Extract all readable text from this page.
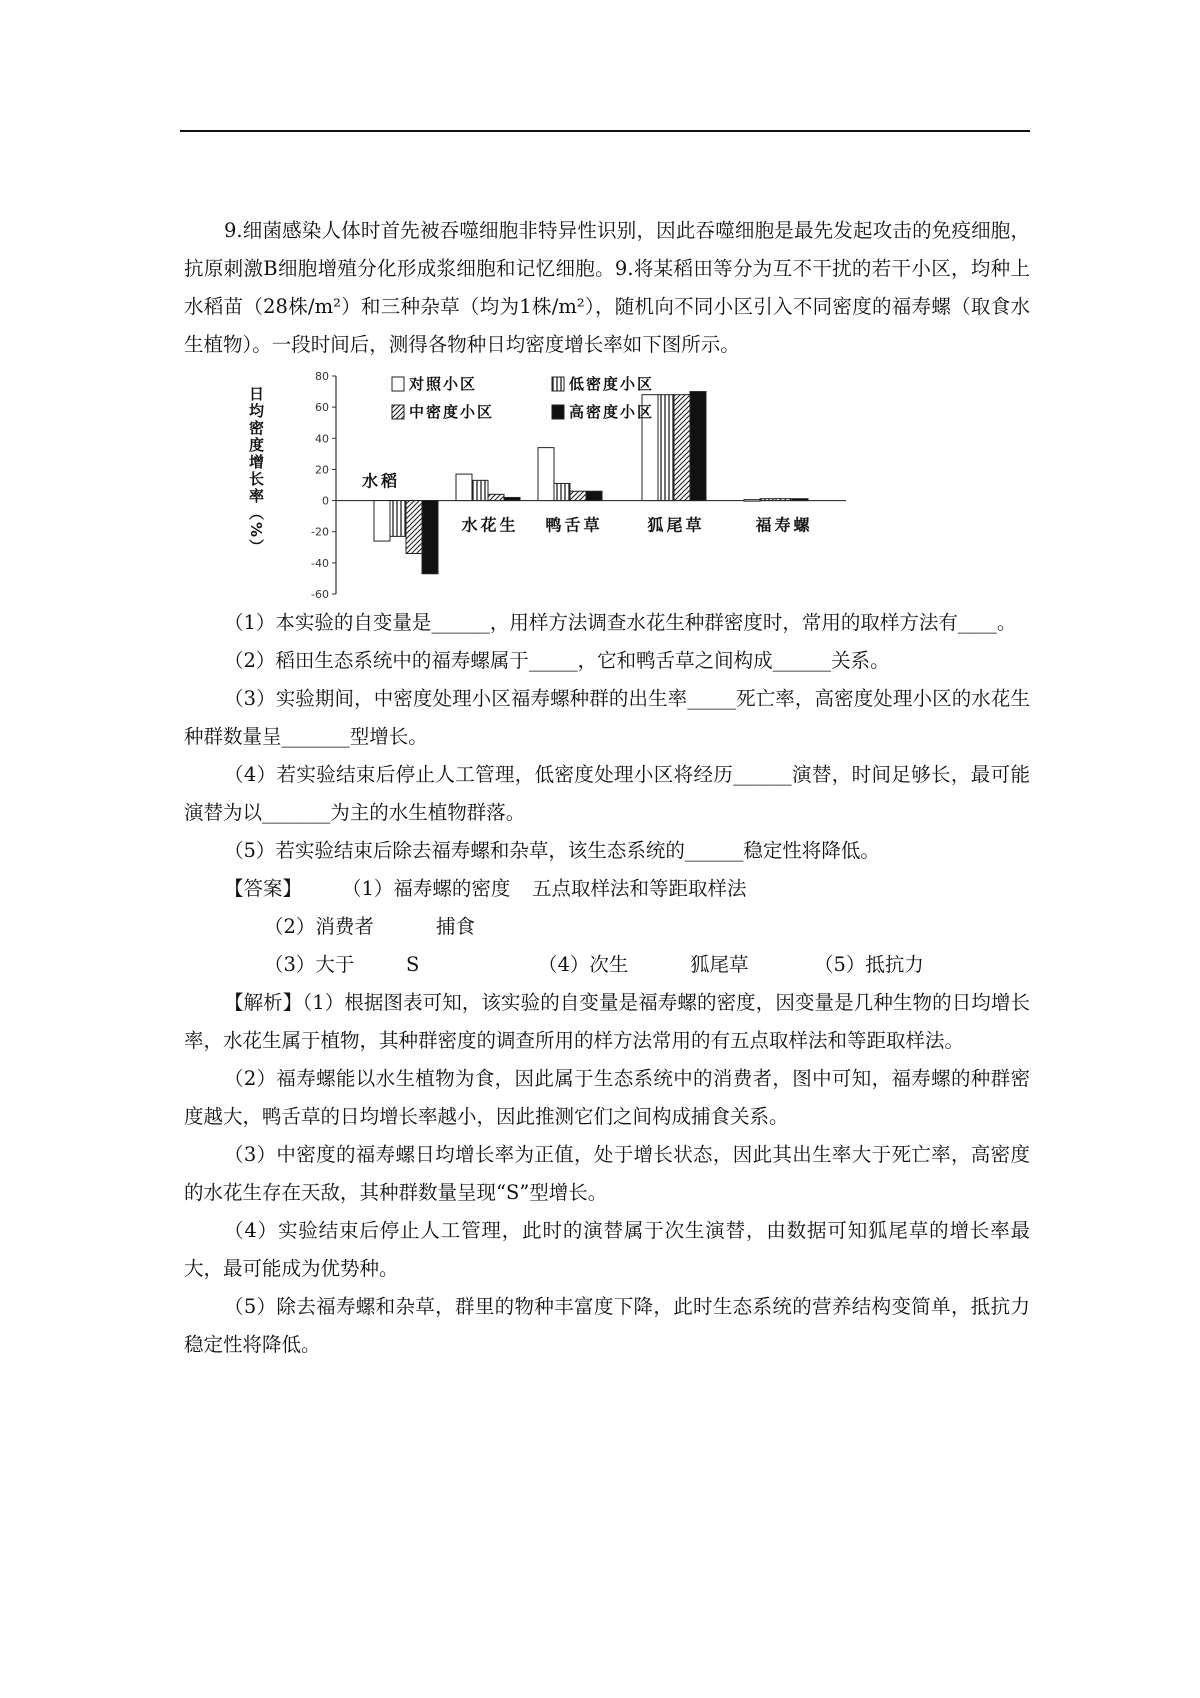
9.细菌感染人体时首先被吞噬细胞非特异性识别，因此吞噬细胞是最先发起攻击的免疫细胞，抗原刺激B细胞增殖分化形成浆细胞和记忆细胞。9.将某稻田等分为互不干扰的若干小区，均种上水稻苗（28株/m²）和三种杂草（均为1株/m²），随机向不同小区引入不同密度的福寿螺（取食水生植物）。一段时间后，测得各物种日均密度增长率如下图所示。

80
60
40
20
0
-20
-40
-60
日均密度增长率（%）	水稻
水花生 鸭舌草	狐尾草	福寿螺
对照小区	低密度小区
中密度小区	高密度小区

（1）本实验的自变量是______，用样方法调查水花生种群密度时，常用的取样方法有____。

（2）稻田生态系统中的福寿螺属于_____，它和鸭舌草之间构成______关系。

（3）实验期间，中密度处理小区福寿螺种群的出生率_____死亡率，高密度处理小区的水花生种群数量呈_______型增长。

（4）若实验结束后停止人工管理，低密度处理小区将经历______演替，时间足够长，最可能演替为以_______为主的水生植物群落。

（5）若实验结束后除去福寿螺和杂草，该生态系统的______稳定性将降低。

【答案】 （1）福寿螺的密度 五点取样法和等距取样法

（2）消费者	捕食

（3）大于	S	（4）次生	狐尾草	（5）抵抗力

【解析】（1）根据图表可知，该实验的自变量是福寿螺的密度，因变量是几种生物的日均增长率，水花生属于植物，其种群密度的调查所用的样方法常用的有五点取样法和等距取样法。

（2）福寿螺能以水生植物为食，因此属于生态系统中的消费者，图中可知，福寿螺的种群密度越大，鸭舌草的日均增长率越小，因此推测它们之间构成捕食关系。

（3）中密度的福寿螺日均增长率为正值，处于增长状态，因此其出生率大于死亡率，高密度的水花生存在天敌，其种群数量呈现“S”型增长。

（4）实验结束后停止人工管理，此时的演替属于次生演替，由数据可知狐尾草的增长率最大，最可能成为优势种。

（5）除去福寿螺和杂草，群里的物种丰富度下降，此时生态系统的营养结构变简单，抵抗力稳定性将降低。
